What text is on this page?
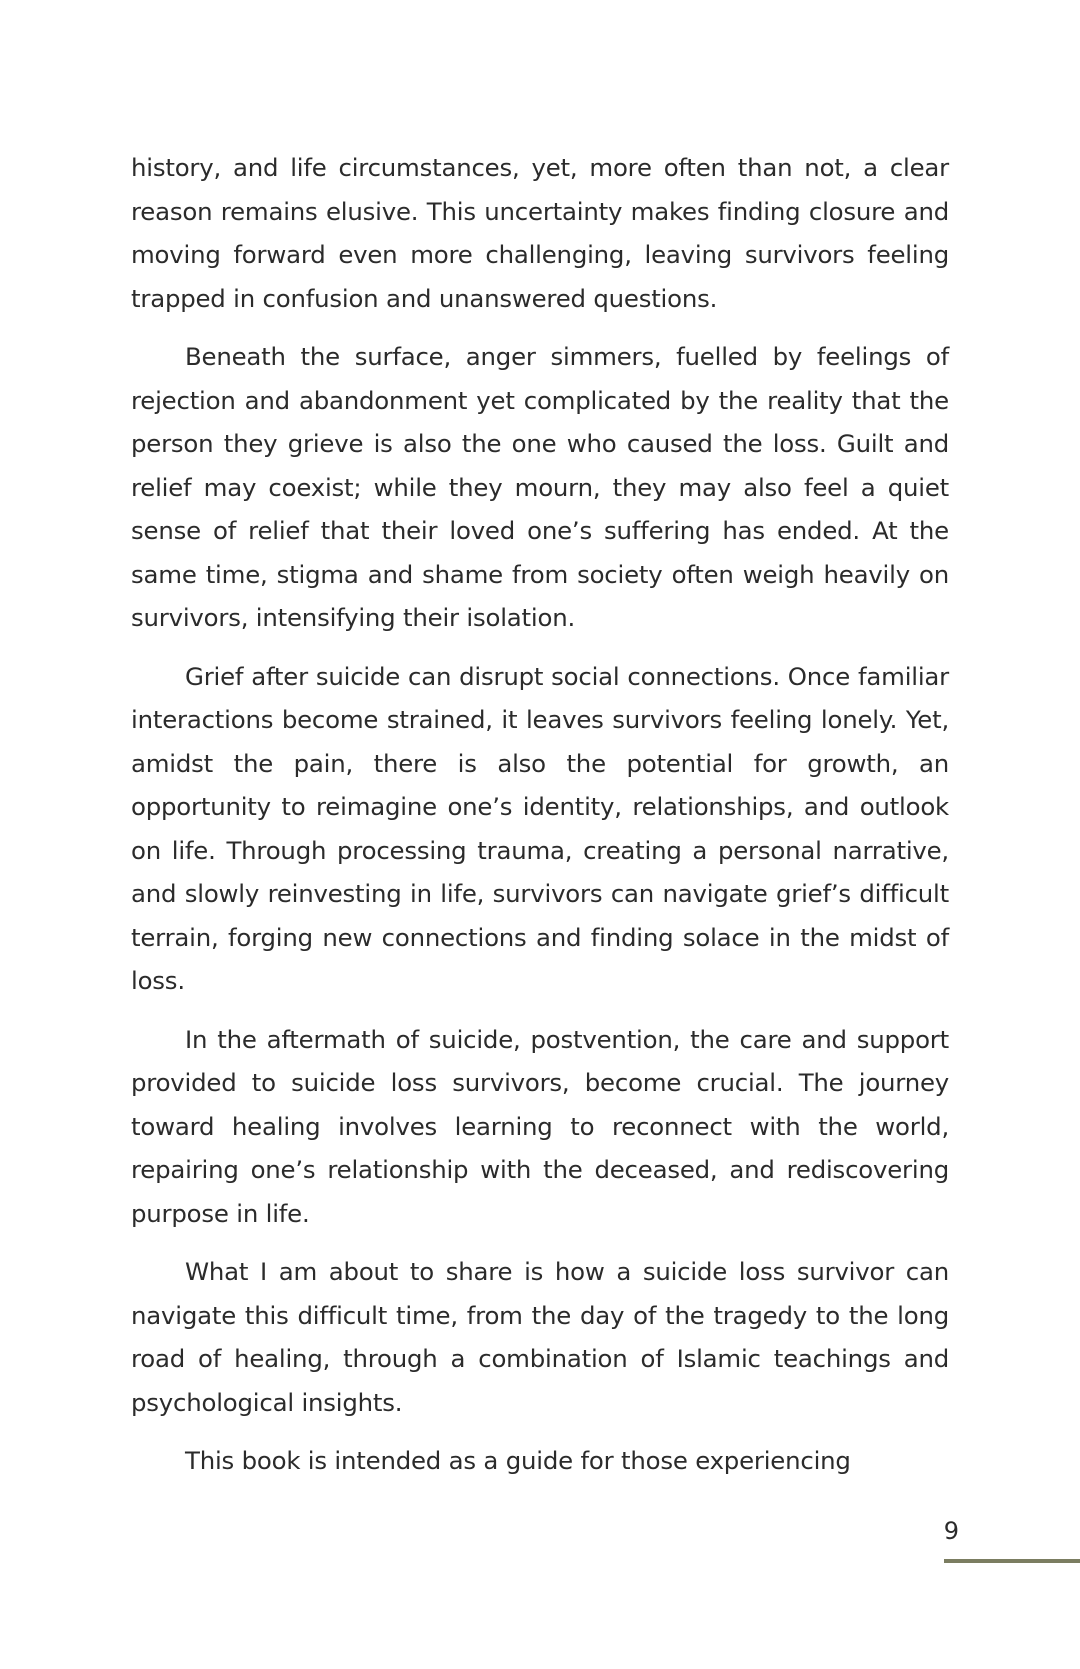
history, and life circumstances, yet, more often than not, a clear reason remains elusive. This uncertainty makes finding closure and moving forward even more challenging, leaving survivors feeling trapped in confusion and unanswered questions.

Beneath the surface, anger simmers, fuelled by feelings of rejection and abandonment yet complicated by the reality that the person they grieve is also the one who caused the loss. Guilt and relief may coexist; while they mourn, they may also feel a quiet sense of relief that their loved one’s suffering has ended. At the same time, stigma and shame from society often weigh heavily on survivors, intensifying their isolation.

Grief after suicide can disrupt social connections. Once familiar interactions become strained, it leaves survivors feeling lonely. Yet, amidst the pain, there is also the potential for growth, an opportunity to reimagine one’s identity, relationships, and outlook on life. Through processing trauma, creating a personal narrative, and slowly reinvesting in life, survivors can navigate grief’s difficult terrain, forging new connections and finding solace in the midst of loss.

In the aftermath of suicide, postvention, the care and support provided to suicide loss survivors, become crucial. The journey toward healing involves learning to reconnect with the world, repairing one’s relationship with the deceased, and rediscovering purpose in life.

What I am about to share is how a suicide loss survivor can navigate this difficult time, from the day of the tragedy to the long road of healing, through a combination of Islamic teachings and psychological insights.

This book is intended as a guide for those experiencing

9
